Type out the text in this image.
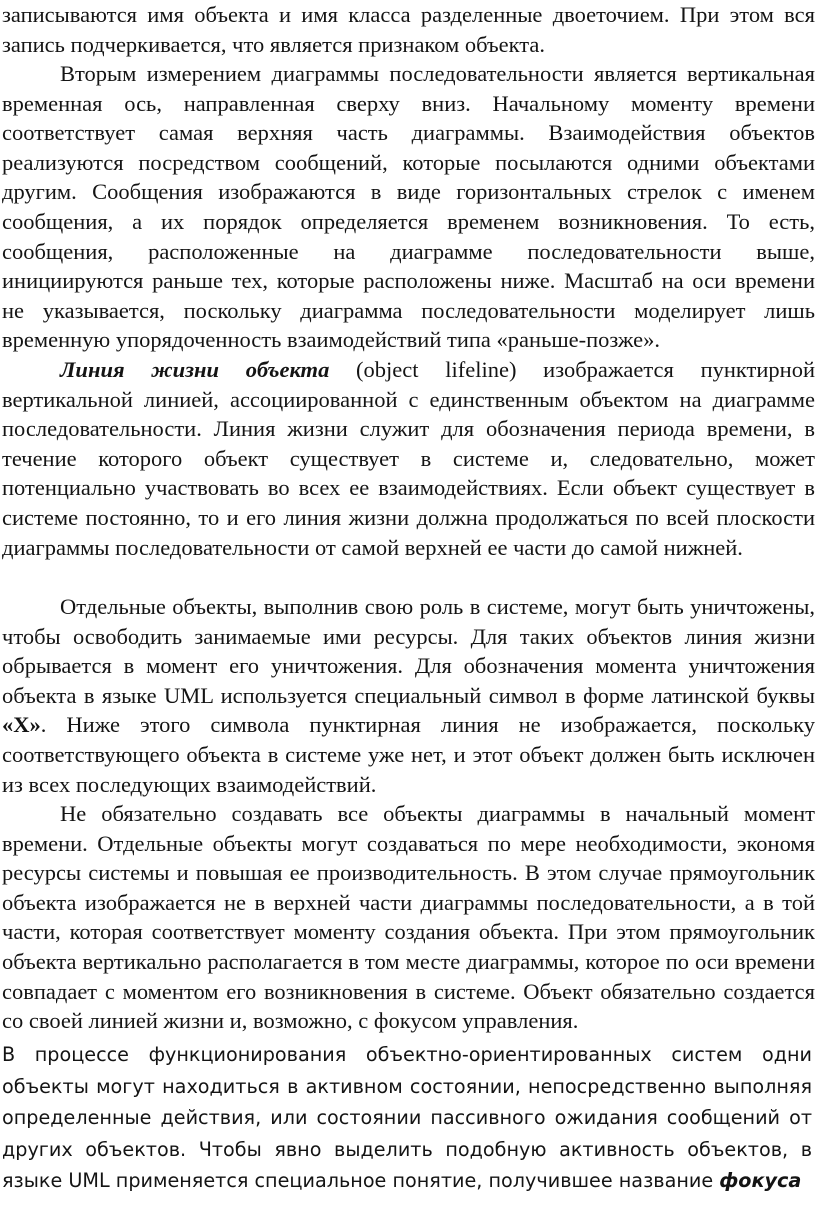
записываются имя объекта и имя класса разделенные двоеточием. При этом вся запись подчеркивается, что является признаком объекта.

Вторым измерением диаграммы последовательности является вертикальная временная ось, направленная сверху вниз. Начальному моменту времени соответствует самая верхняя часть диаграммы. Взаимодействия объектов реализуются посредством сообщений, которые посылаются одними объектами другим. Сообщения изображаются в виде горизонтальных стрелок с именем сообщения, а их порядок определяется временем возникновения. То есть, сообщения, расположенные на диаграмме последовательности выше, инициируются раньше тех, которые расположены ниже. Масштаб на оси времени не указывается, поскольку диаграмма последовательности моделирует лишь временную упорядоченность взаимодействий типа «раньше-позже».

Линия жизни объекта (object lifeline) изображается пунктирной вертикальной линией, ассоциированной с единственным объектом на диаграмме последовательности. Линия жизни служит для обозначения периода времени, в течение которого объект существует в системе и, следовательно, может потенциально участвовать во всех ее взаимодействиях. Если объект существует в системе постоянно, то и его линия жизни должна продолжаться по всей плоскости диаграммы последовательности от самой верхней ее части до самой нижней.

Отдельные объекты, выполнив свою роль в системе, могут быть уничтожены, чтобы освободить занимаемые ими ресурсы. Для таких объектов линия жизни обрывается в момент его уничтожения. Для обозначения момента уничтожения объекта в языке UML используется специальный символ в форме латинской буквы «Х». Ниже этого символа пунктирная линия не изображается, поскольку соответствующего объекта в системе уже нет, и этот объект должен быть исключен из всех последующих взаимодействий.

Не обязательно создавать все объекты диаграммы в начальный момент времени. Отдельные объекты могут создаваться по мере необходимости, экономя ресурсы системы и повышая ее производительность. В этом случае прямоугольник объекта изображается не в верхней части диаграммы последовательности, а в той части, которая соответствует моменту создания объекта. При этом прямоугольник объекта вертикально располагается в том месте диаграммы, которое по оси времени совпадает с моментом его возникновения в системе. Объект обязательно создается со своей линией жизни и, возможно, с фокусом управления.

В процессе функционирования объектно-ориентированных систем одни объекты могут находиться в активном состоянии, непосредственно выполняя определенные действия, или состоянии пассивного ожидания сообщений от других объектов. Чтобы явно выделить подобную активность объектов, в языке UML применяется специальное понятие, получившее название фокуса
